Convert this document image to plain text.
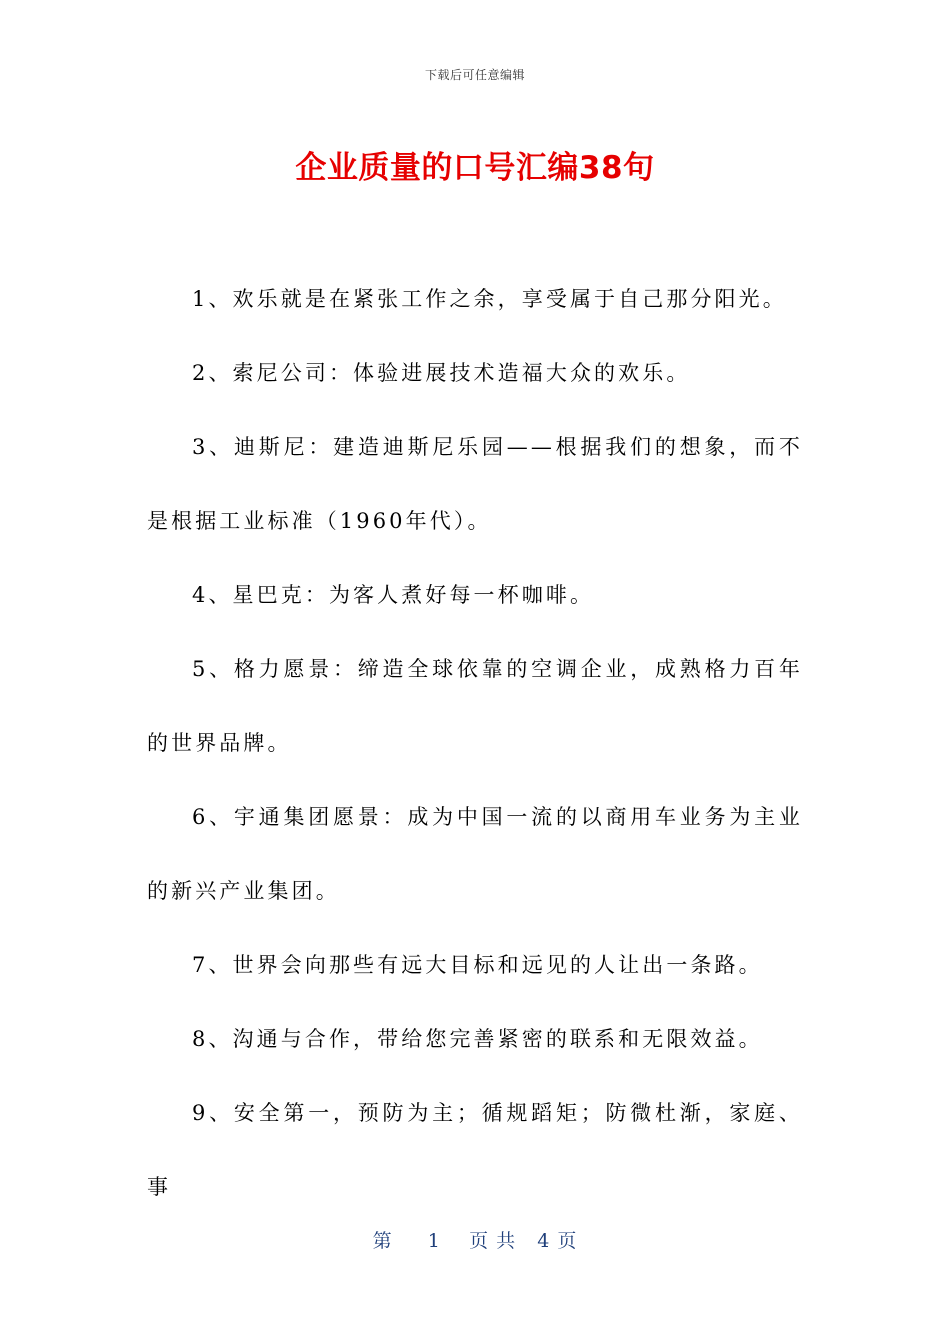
下载后可任意编辑
企业质量的口号汇编38句

1、欢乐就是在紧张工作之余，享受属于自己那分阳光。

2、索尼公司：体验进展技术造福大众的欢乐。

3、迪斯尼：建造迪斯尼乐园——根据我们的想象，而不是根据工业标准（1960年代）。

4、星巴克：为客人煮好每一杯咖啡。

5、格力愿景：缔造全球依靠的空调企业，成熟格力百年的世界品牌。

6、宇通集团愿景：成为中国一流的以商用车业务为主业的新兴产业集团。

7、世界会向那些有远大目标和远见的人让出一条路。

8、沟通与合作，带给您完善紧密的联系和无限效益。

9、安全第一，预防为主；循规蹈矩；防微杜渐，家庭、事

第 1 页 共 4 页
